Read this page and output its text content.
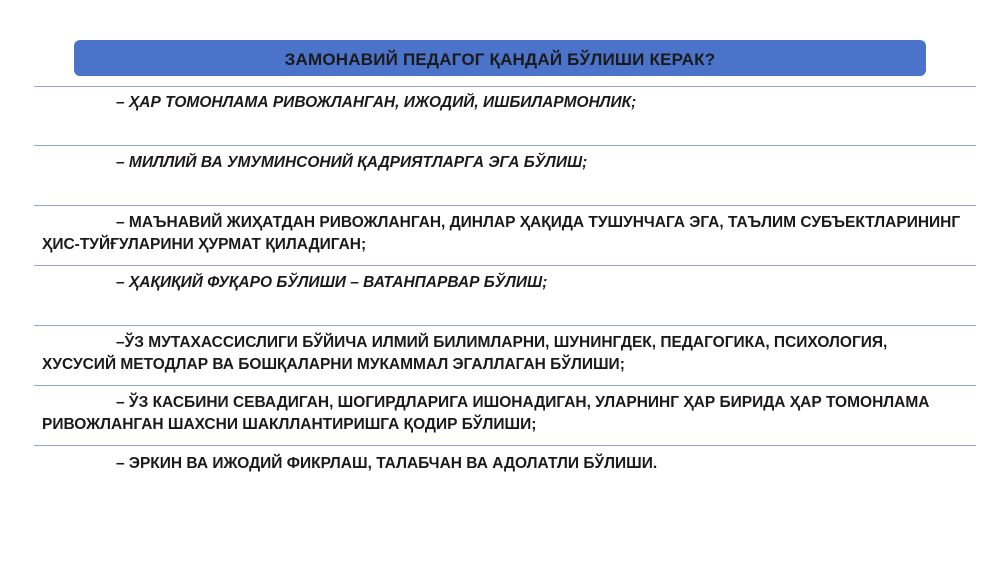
ЗАМОНАВИЙ ПЕДАГОГ ҚАНДАЙ БЎЛИШИ КЕРАК?
– ҲАР ТОМОНЛАМА РИВОЖЛАНГАН, ИЖОДИЙ, ИШБИЛАРМОНЛИК;
– МИЛЛИЙ ВА УМУМИНСОНИЙ ҚАДРИЯТЛАРГА ЭГА БЎЛИШ;
– МАЪНАВИЙ ЖИҲАТДАН РИВОЖЛАНГАН, ДИНЛАР ҲАҚИДА ТУШУНЧАГА ЭГА, ТАЪЛИМ СУБЪЕКТЛАРИНИНГ ҲИС-ТУЙҒУЛАРИНИ ҲУРМАТ ҚИЛАДИГАН;
– ҲАҚИҚИЙ ФУҚАРО БЎЛИШИ – ВАТАНПАРВАР БЎЛИШ;
–ЎЗ МУТАХАССИСЛИГИ БЎЙИЧА ИЛМИЙ БИЛИМЛАРНИ, ШУНИНГДЕК, ПЕДАГОГИКА, ПСИХОЛОГИЯ, ХУСУСИЙ МЕТОДЛАР ВА БОШҚАЛАРНИ МУКАММАЛ ЭГАЛЛАГАН БЎЛИШИ;
– ЎЗ КАСБИНИ СЕВАДИГАН, ШОГИРДЛАРИГА ИШОНАДИГАН, УЛАРНИНГ ҲАР БИРИДА ҲАР ТОМОНЛАМА РИВОЖЛАНГАН ШАХСНИ ШАКЛЛАНТИРИШГА ҚОДИР БЎЛИШИ;
– ЭРКИН ВА ИЖОДИЙ ФИКРЛАШ, ТАЛАБЧАН ВА АДОЛАТЛИ БЎЛИШИ.
